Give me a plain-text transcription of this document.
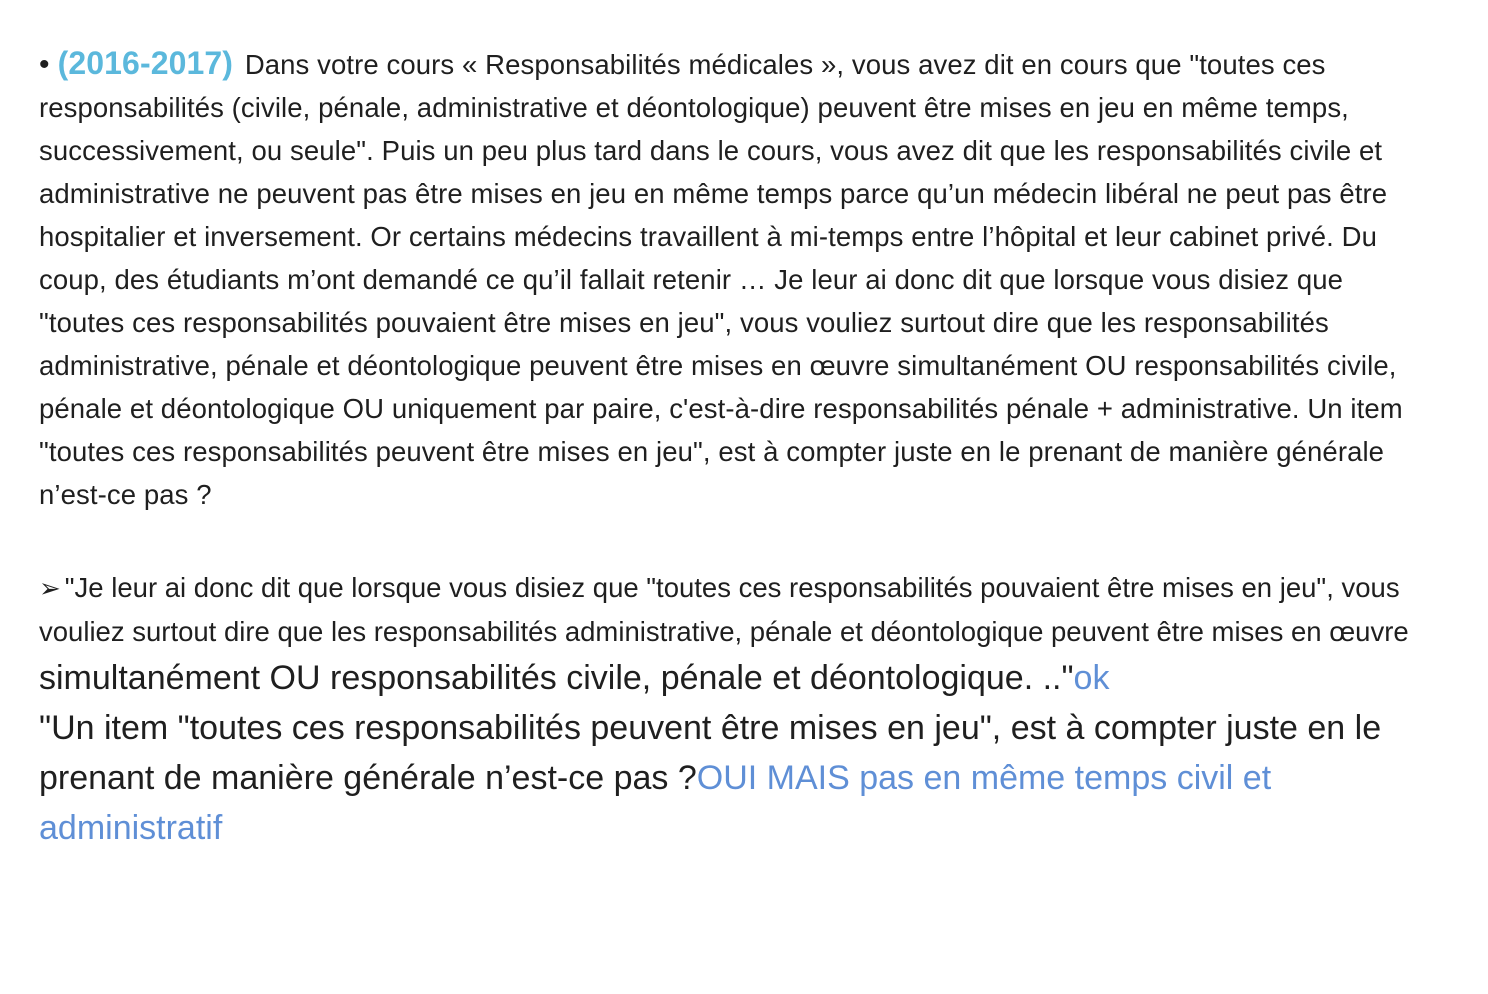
• (2016-2017) Dans votre cours « Responsabilités médicales », vous avez dit en cours que "toutes ces responsabilités (civile, pénale, administrative et déontologique) peuvent être mises en jeu en même temps, successivement, ou seule". Puis un peu plus tard dans le cours, vous avez dit que les responsabilités civile et administrative ne peuvent pas être mises en jeu en même temps parce qu’un médecin libéral ne peut pas être hospitalier et inversement. Or certains médecins travaillent à mi-temps entre l’hôpital et leur cabinet privé. Du coup, des étudiants m’ont demandé ce qu’il fallait retenir … Je leur ai donc dit que lorsque vous disiez que "toutes ces responsabilités pouvaient être mises en jeu", vous vouliez surtout dire que les responsabilités administrative, pénale et déontologique peuvent être mises en œuvre simultanément OU responsabilités civile, pénale et déontologique OU uniquement par paire, c'est-à-dire responsabilités pénale + administrative. Un item "toutes ces responsabilités peuvent être mises en jeu", est à compter juste en le prenant de manière générale n’est-ce pas ?

➢ "Je leur ai donc dit que lorsque vous disiez que "toutes ces responsabilités pouvaient être mises en jeu", vous vouliez surtout dire que les responsabilités administrative, pénale et déontologique peuvent être mises en œuvre simultanément OU responsabilités civile, pénale et déontologique. .."ok

"Un item "toutes ces responsabilités peuvent être mises en jeu", est à compter juste en le prenant de manière générale n’est-ce pas ?OUI MAIS pas en même temps civil et administratif
